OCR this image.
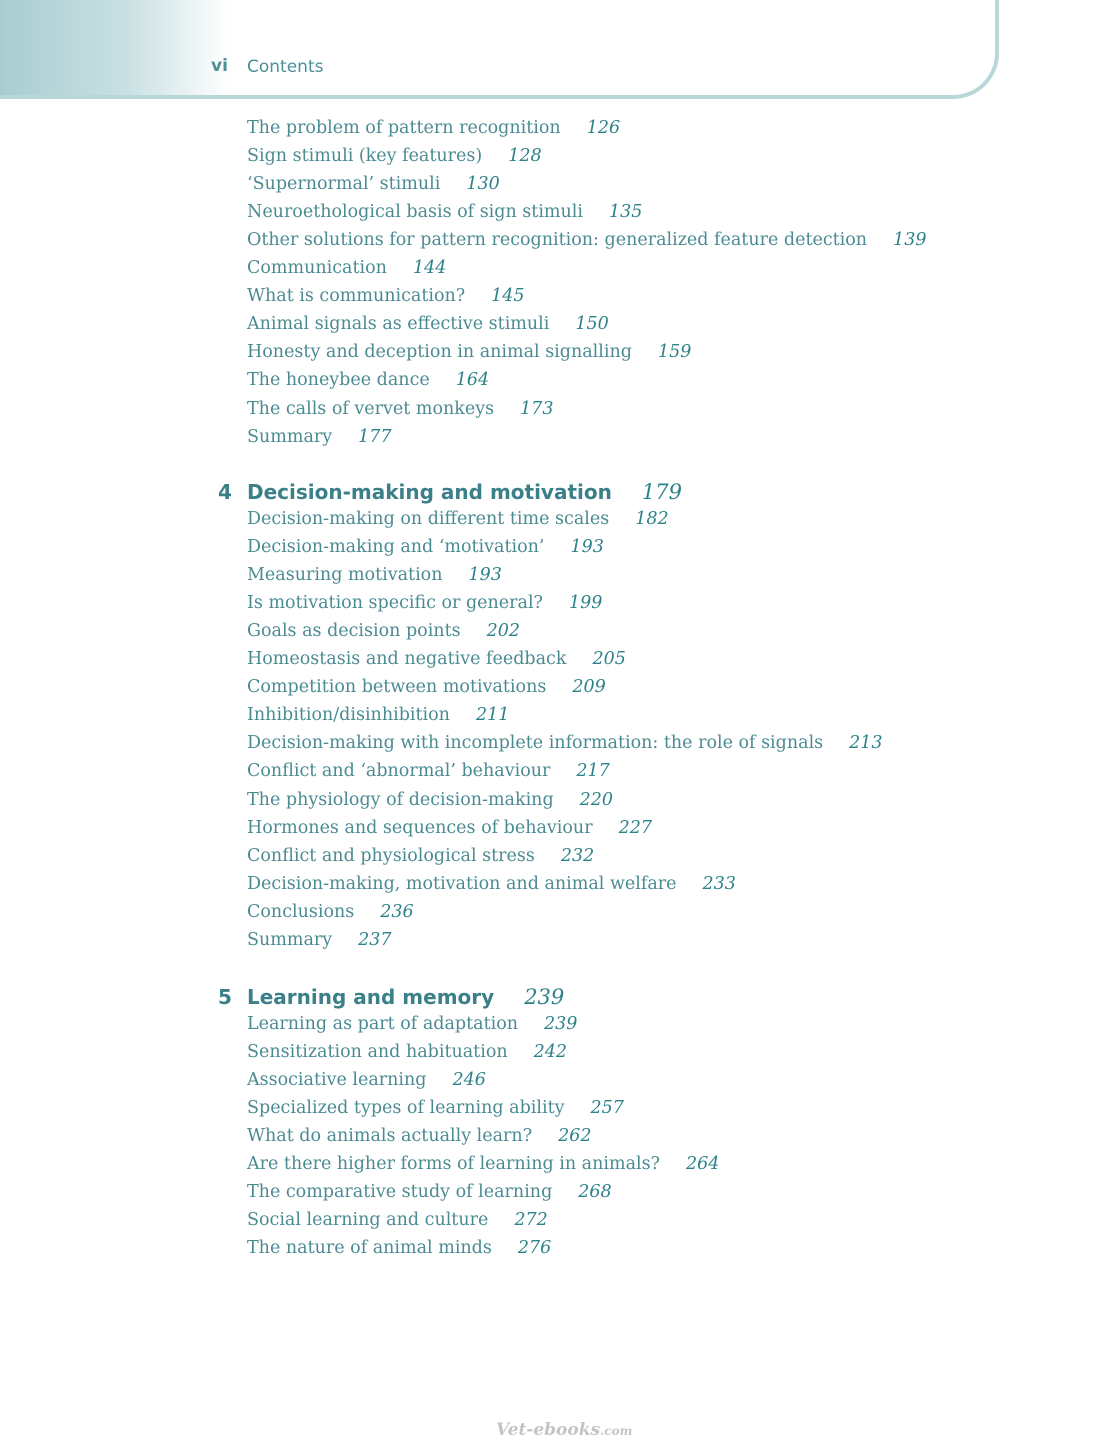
vi Contents
The problem of pattern recognition 126
Sign stimuli (key features) 128
‘Supernormal’ stimuli 130
Neuroethological basis of sign stimuli 135
Other solutions for pattern recognition: generalized feature detection 139
Communication 144
What is communication? 145
Animal signals as effective stimuli 150
Honesty and deception in animal signalling 159
The honeybee dance 164
The calls of vervet monkeys 173
Summary 177
4 Decision-making and motivation 179
Decision-making on different time scales 182
Decision-making and ‘motivation’ 193
Measuring motivation 193
Is motivation specific or general? 199
Goals as decision points 202
Homeostasis and negative feedback 205
Competition between motivations 209
Inhibition/disinhibition 211
Decision-making with incomplete information: the role of signals 213
Conflict and ‘abnormal’ behaviour 217
The physiology of decision-making 220
Hormones and sequences of behaviour 227
Conflict and physiological stress 232
Decision-making, motivation and animal welfare 233
Conclusions 236
Summary 237
5 Learning and memory 239
Learning as part of adaptation 239
Sensitization and habituation 242
Associative learning 246
Specialized types of learning ability 257
What do animals actually learn? 262
Are there higher forms of learning in animals? 264
The comparative study of learning 268
Social learning and culture 272
The nature of animal minds 276
Vet-ebooks.com
